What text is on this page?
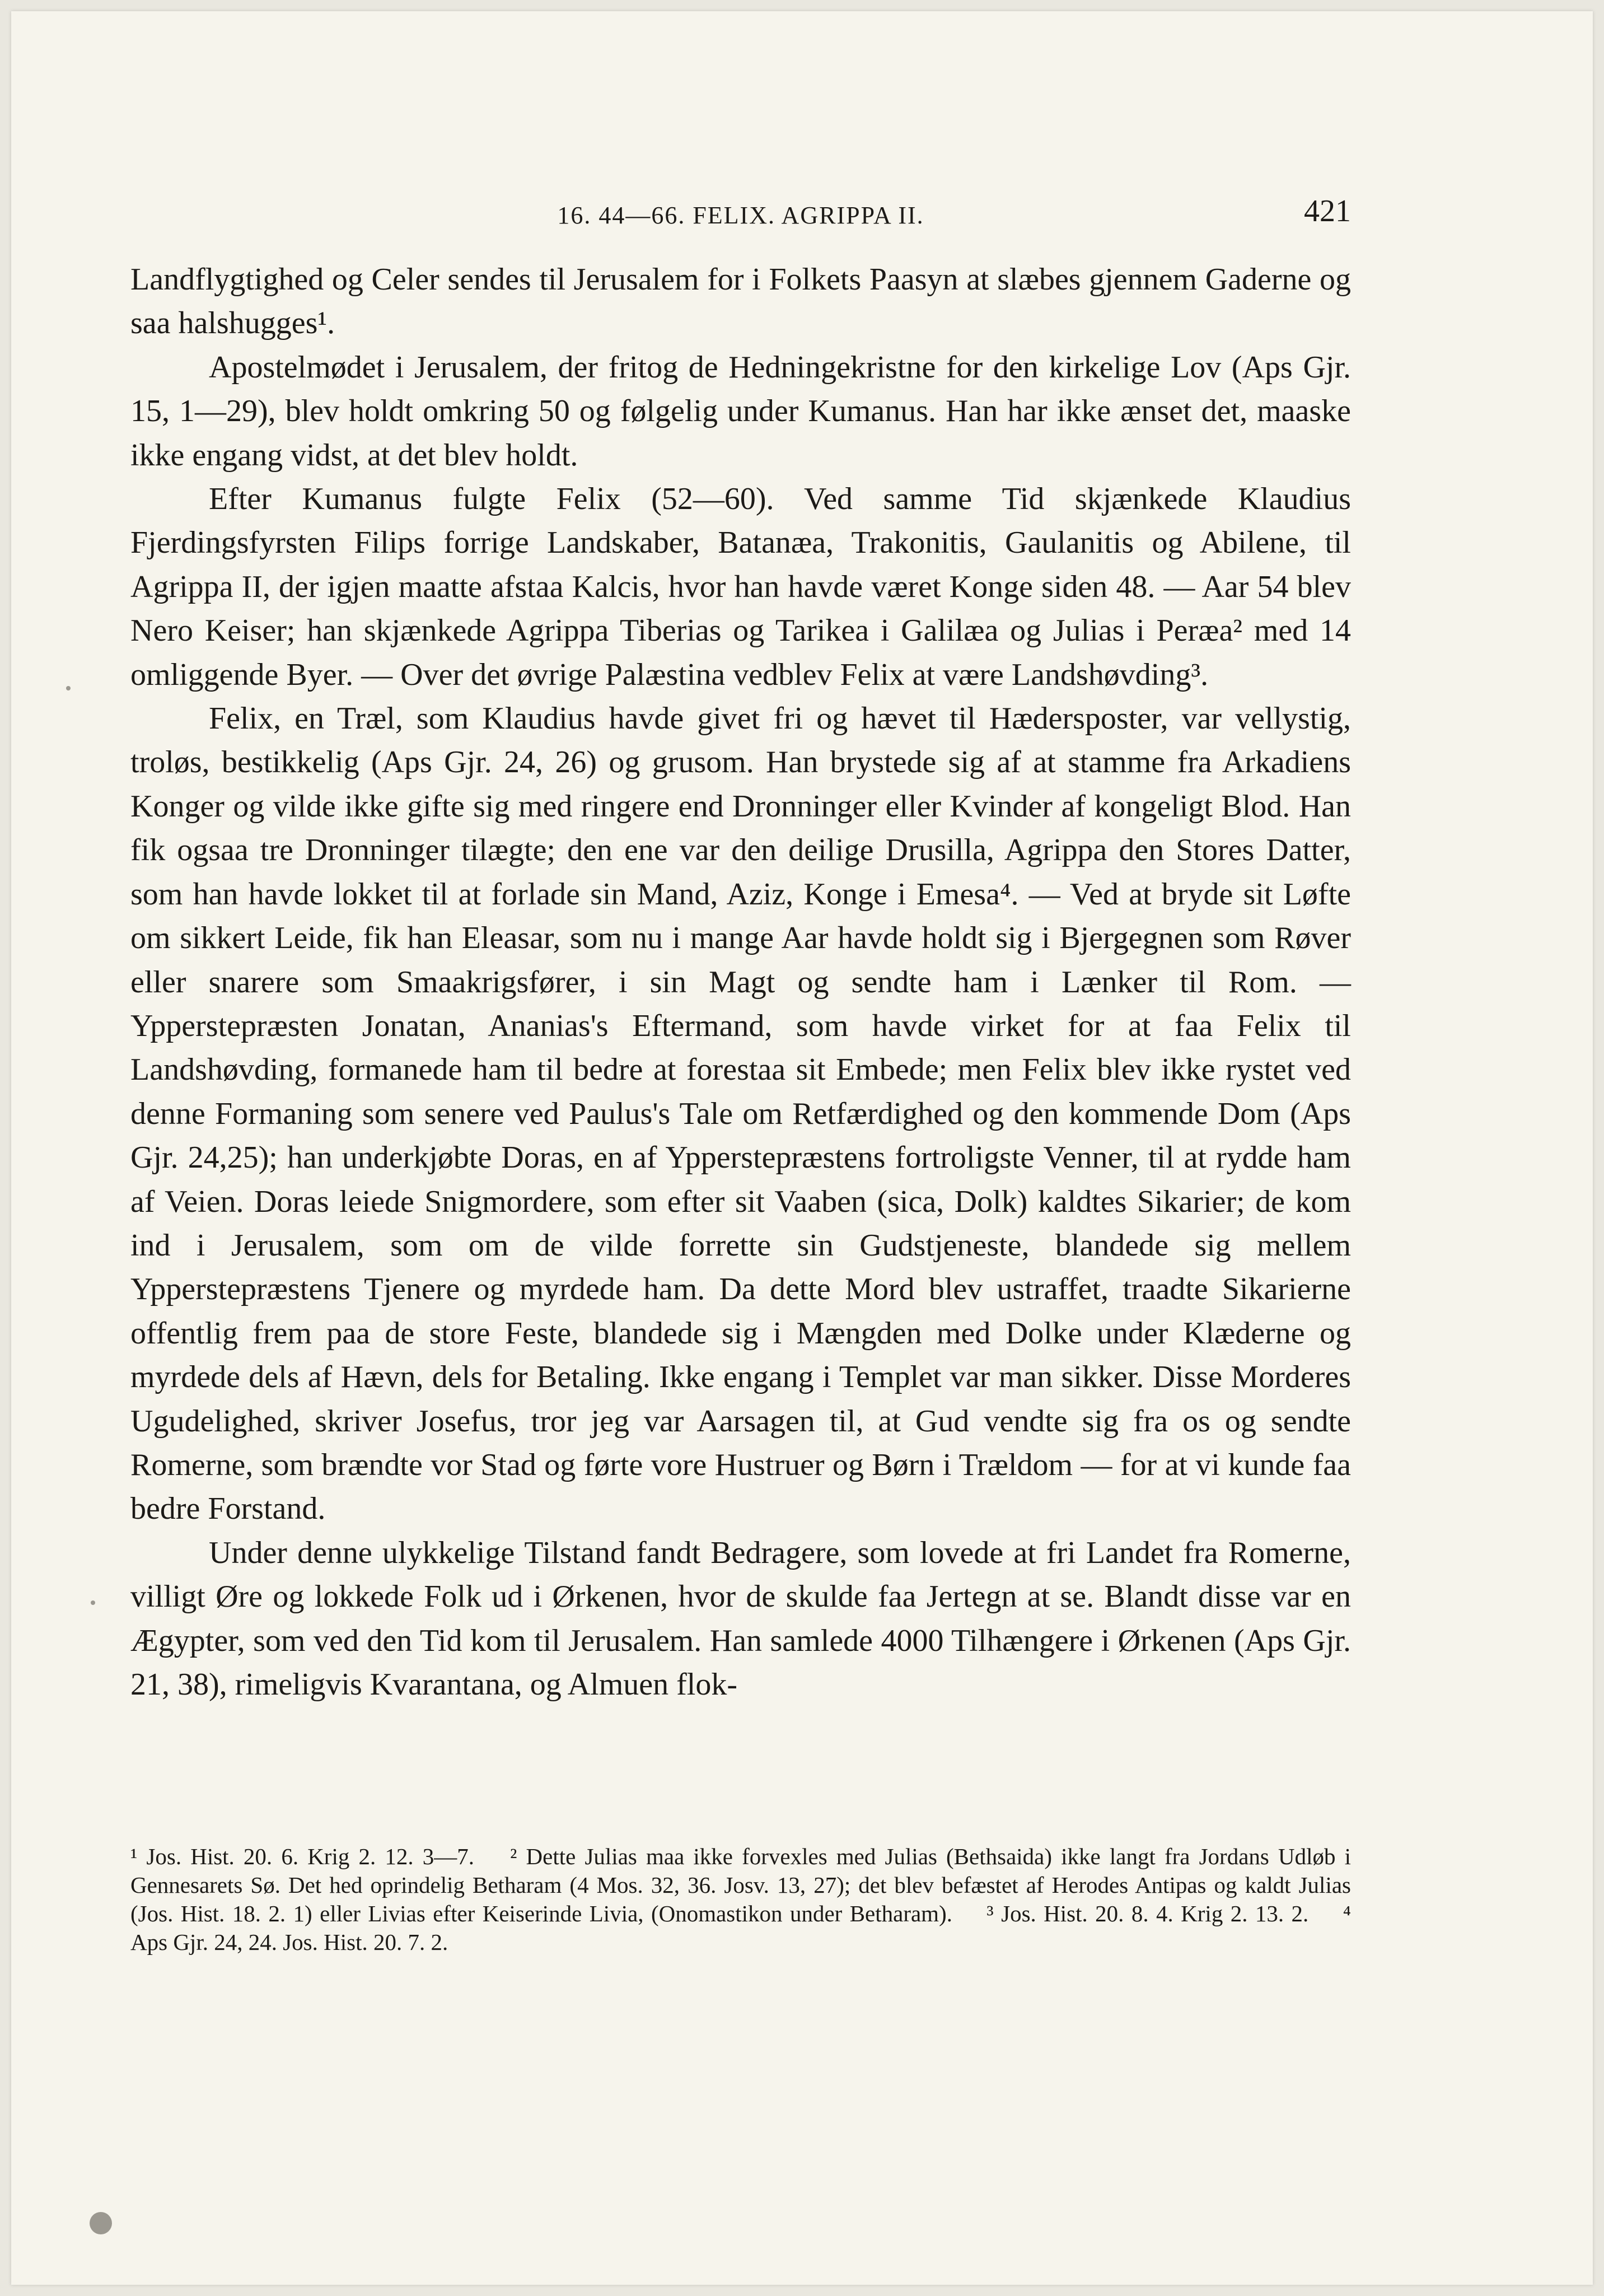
16. 44—66. FELIX. AGRIPPA II.	421

Landflygtighed og Celer sendes til Jerusalem for i Folkets Paasyn at slæbes gjennem Gaderne og saa halshugges¹.

Apostelmødet i Jerusalem, der fritog de Hedningekristne for den kirkelige Lov (Aps Gjr. 15, 1—29), blev holdt omkring 50 og følgelig under Kumanus. Han har ikke ænset det, maaske ikke engang vidst, at det blev holdt.

Efter Kumanus fulgte Felix (52—60). Ved samme Tid skjænkede Klaudius Fjerdingsfyrsten Filips forrige Landskaber, Batanæa, Trakonitis, Gaulanitis og Abilene, til Agrippa II, der igjen maatte afstaa Kalcis, hvor han havde været Konge siden 48. — Aar 54 blev Nero Keiser; han skjænkede Agrippa Tiberias og Tarikea i Galilæa og Julias i Peræa² med 14 omliggende Byer. — Over det øvrige Palæstina vedblev Felix at være Landshøvding³.

Felix, en Træl, som Klaudius havde givet fri og hævet til Hædersposter, var vellystig, troløs, bestikkelig (Aps Gjr. 24, 26) og grusom. Han brystede sig af at stamme fra Arkadiens Konger og vilde ikke gifte sig med ringere end Dronninger eller Kvinder af kongeligt Blod. Han fik ogsaa tre Dronninger tilægte; den ene var den deilige Drusilla, Agrippa den Stores Datter, som han havde lokket til at forlade sin Mand, Aziz, Konge i Emesa⁴. — Ved at bryde sit Løfte om sikkert Leide, fik han Eleasar, som nu i mange Aar havde holdt sig i Bjergegnen som Røver eller snarere som Smaakrigsfører, i sin Magt og sendte ham i Lænker til Rom. — Ypperstepræsten Jonatan, Ananias's Eftermand, som havde virket for at faa Felix til Landshøvding, formanede ham til bedre at forestaa sit Embede; men Felix blev ikke rystet ved denne Formaning som senere ved Paulus's Tale om Retfærdighed og den kommende Dom (Aps Gjr. 24,25); han underkjøbte Doras, en af Ypperstepræstens fortroligste Venner, til at rydde ham af Veien. Doras leiede Snigmordere, som efter sit Vaaben (sica, Dolk) kaldtes Sikarier; de kom ind i Jerusalem, som om de vilde forrette sin Gudstjeneste, blandede sig mellem Ypperstepræstens Tjenere og myrdede ham. Da dette Mord blev ustraffet, traadte Sikarierne offentlig frem paa de store Feste, blandede sig i Mængden med Dolke under Klæderne og myrdede dels af Hævn, dels for Betaling. Ikke engang i Templet var man sikker. Disse Morderes Ugudelighed, skriver Josefus, tror jeg var Aarsagen til, at Gud vendte sig fra os og sendte Romerne, som brændte vor Stad og førte vore Hustruer og Børn i Trældom — for at vi kunde faa bedre Forstand.

Under denne ulykkelige Tilstand fandt Bedragere, som lovede at fri Landet fra Romerne, villigt Øre og lokkede Folk ud i Ørkenen, hvor de skulde faa Jertegn at se. Blandt disse var en Ægypter, som ved den Tid kom til Jerusalem. Han samlede 4000 Tilhængere i Ørkenen (Aps Gjr. 21, 38), rimeligvis Kvarantana, og Almuen flok-

¹ Jos. Hist. 20. 6. Krig 2. 12. 3—7. ² Dette Julias maa ikke forvexles med Julias (Bethsaida) ikke langt fra Jordans Udløb i Gennesarets Sø. Det hed oprindelig Betharam (4 Mos. 32, 36. Josv. 13, 27); det blev befæstet af Herodes Antipas og kaldt Julias (Jos. Hist. 18. 2. 1) eller Livias efter Keiserinde Livia, (Onomastikon under Betharam). ³ Jos. Hist. 20. 8. 4. Krig 2. 13. 2. ⁴ Aps Gjr. 24, 24. Jos. Hist. 20. 7. 2.
